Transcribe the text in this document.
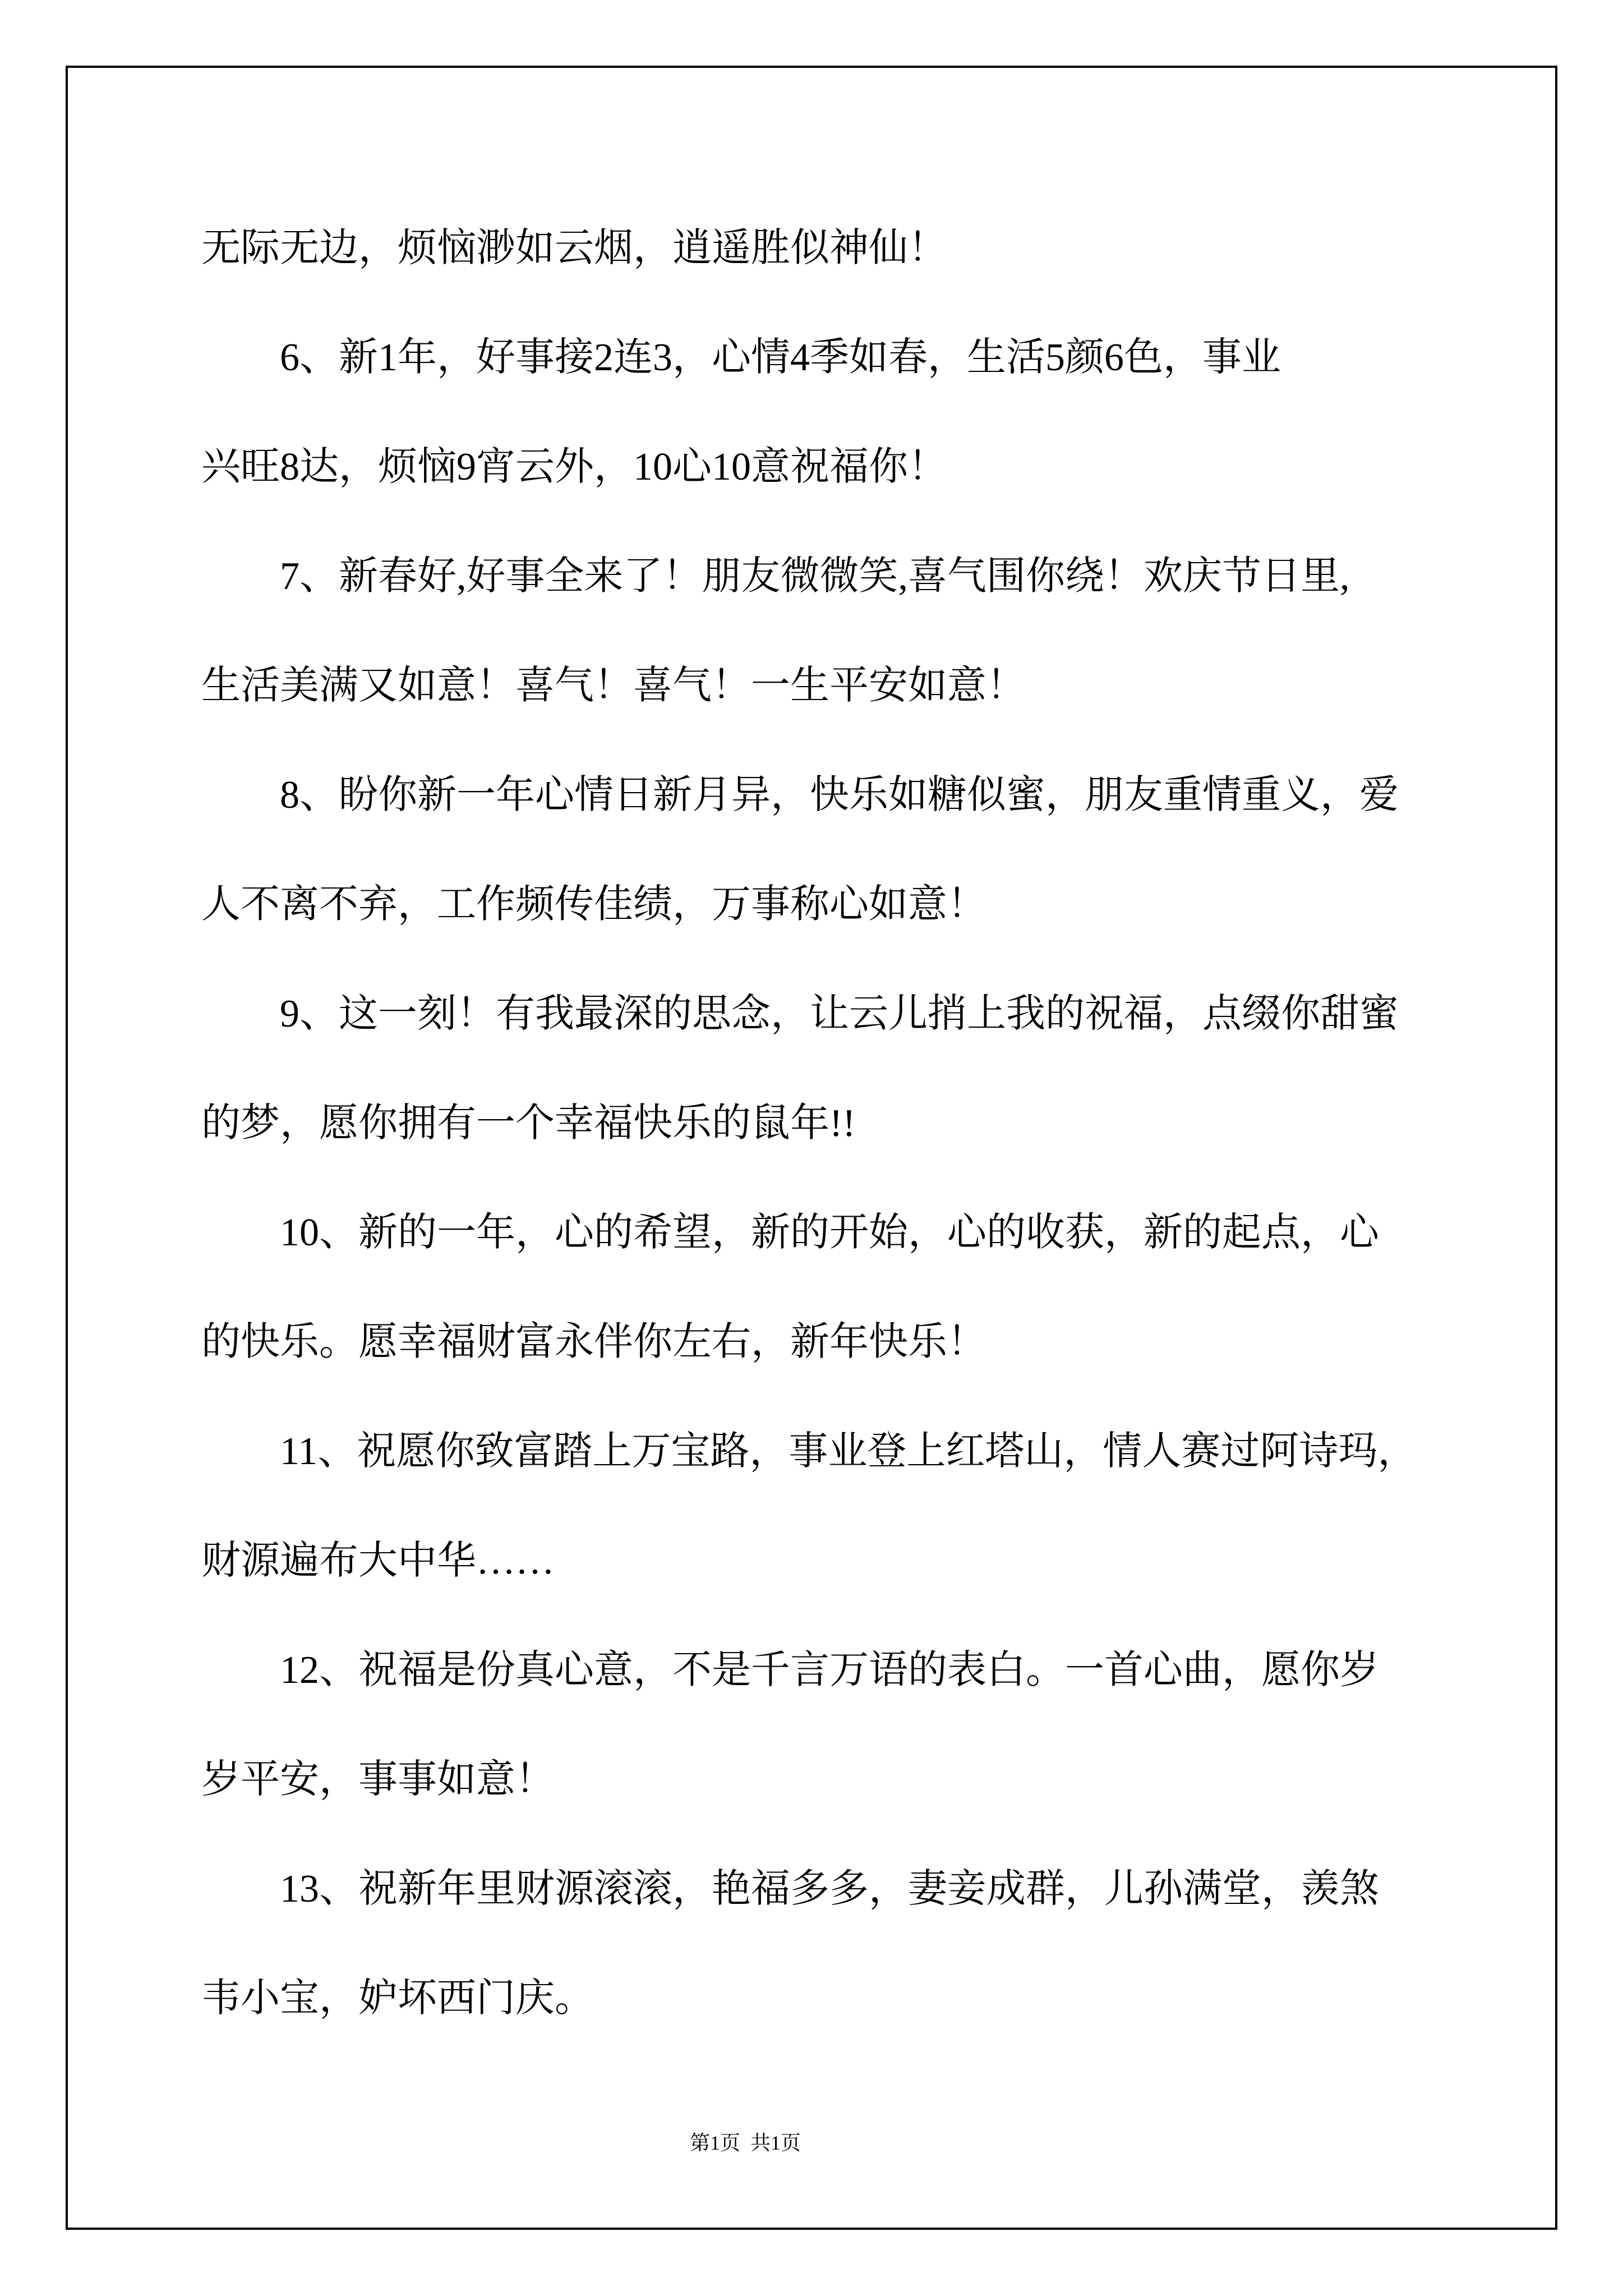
无际无边，烦恼渺如云烟，逍遥胜似神仙！
6、新1年，好事接2连3，心情4季如春，生活5颜6色，事业
兴旺8达，烦恼9宵云外，10心10意祝福你！
7、新春好,好事全来了！朋友微微笑,喜气围你绕！欢庆节日里,
生活美满又如意！喜气！喜气！一生平安如意！
8、盼你新一年心情日新月异，快乐如糖似蜜，朋友重情重义，爱
人不离不弃，工作频传佳绩，万事称心如意！
9、这一刻！有我最深的思念，让云儿捎上我的祝福，点缀你甜蜜
的梦，愿你拥有一个幸福快乐的鼠年!!
10、新的一年，心的希望，新的开始，心的收获，新的起点，心
的快乐。愿幸福财富永伴你左右，新年快乐！
11、祝愿你致富踏上万宝路，事业登上红塔山，情人赛过阿诗玛，
财源遍布大中华……
12、祝福是份真心意，不是千言万语的表白。一首心曲，愿你岁
岁平安，事事如意！
13、祝新年里财源滚滚，艳福多多，妻妾成群，儿孙满堂，羡煞
韦小宝，妒坏西门庆。
第1页  共1页
